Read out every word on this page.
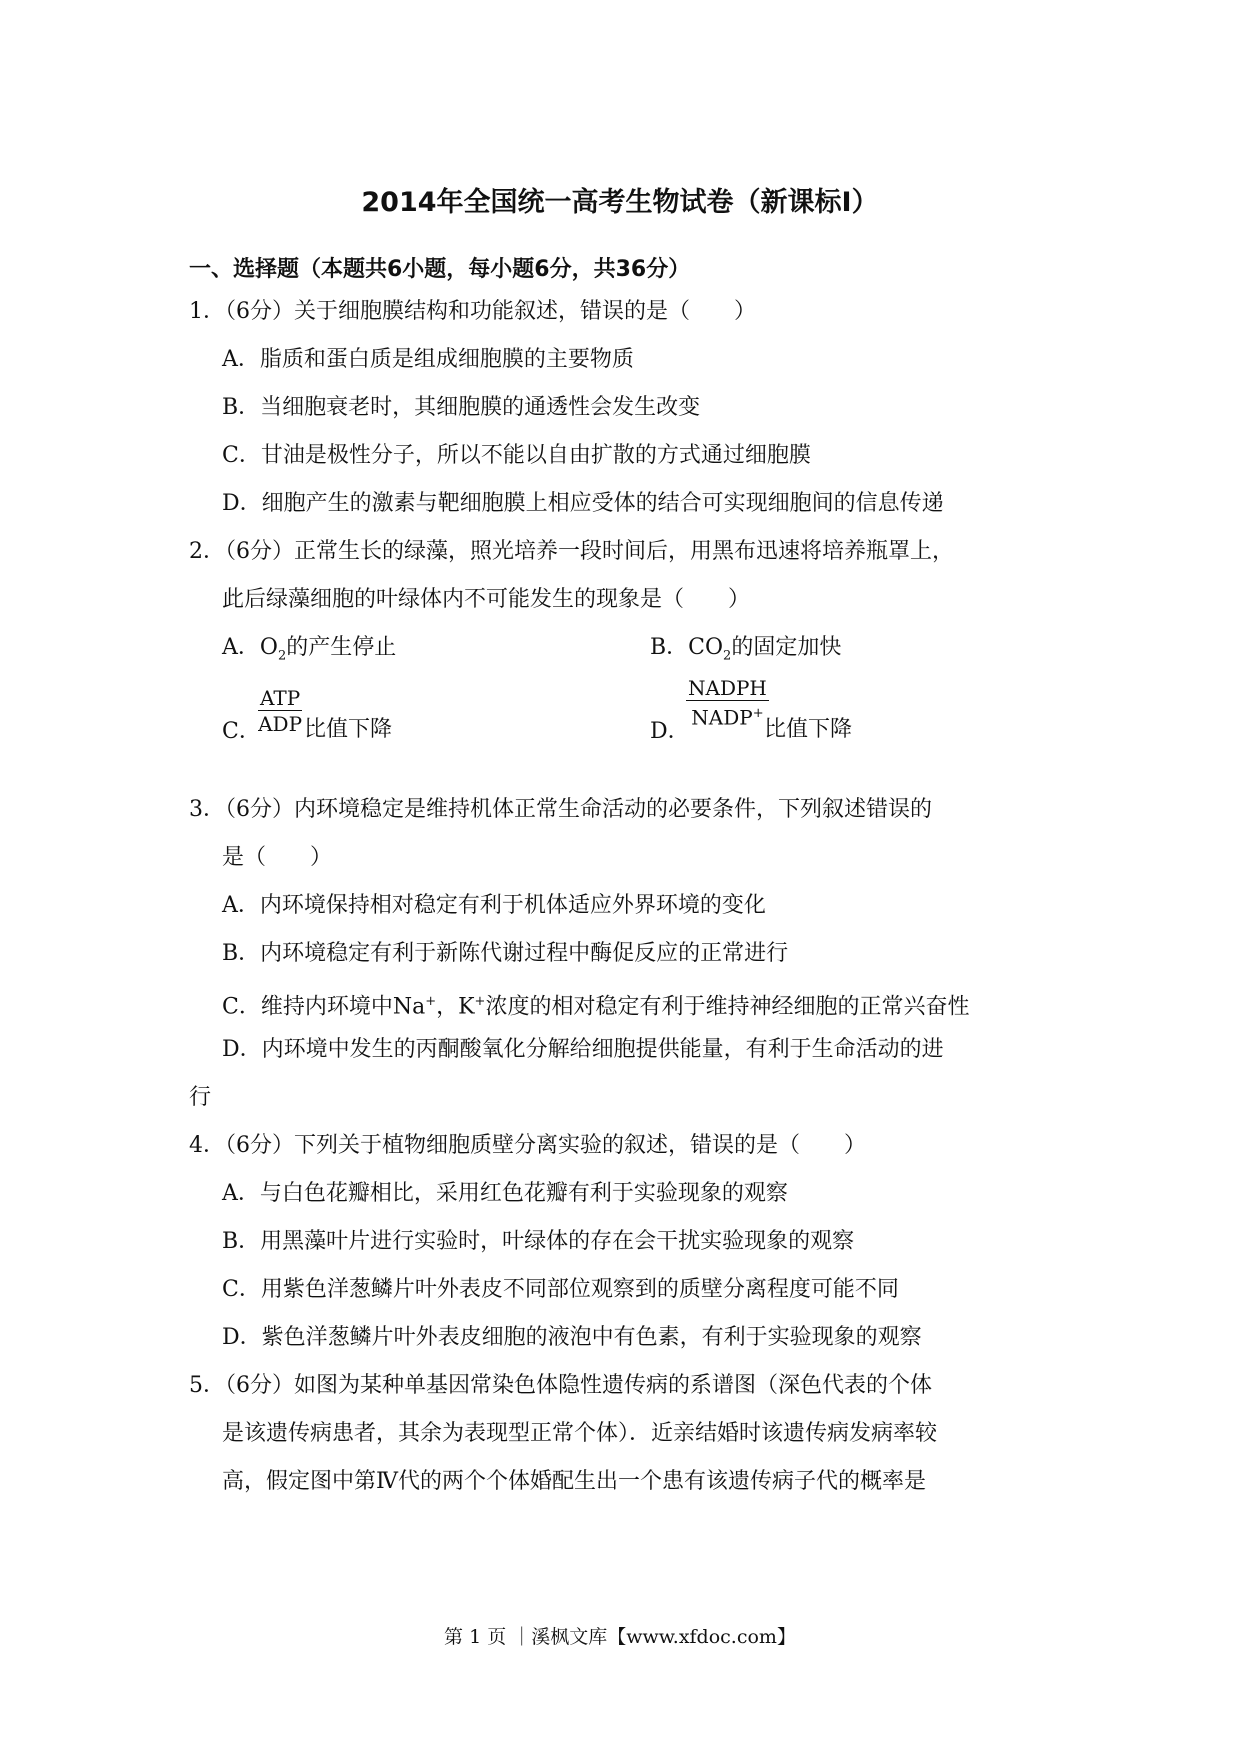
2014年全国统一高考生物试卷（新课标Ⅰ）
一、选择题（本题共6小题，每小题6分，共36分）
1．（6分）关于细胞膜结构和功能叙述，错误的是（　　）
A．脂质和蛋白质是组成细胞膜的主要物质
B．当细胞衰老时，其细胞膜的通透性会发生改变
C．甘油是极性分子，所以不能以自由扩散的方式通过细胞膜
D．细胞产生的激素与靶细胞膜上相应受体的结合可实现细胞间的信息传递
2．（6分）正常生长的绿藻，照光培养一段时间后，用黑布迅速将培养瓶罩上，
此后绿藻细胞的叶绿体内不可能发生的现象是（　　）
A．$O_2$的产生停止	B．$CO_2$的固定加快
C．
ATP
ADP 比值下降	D．
NADPH
NADP+
比值下降
3．（6分）内环境稳定是维持机体正常生命活动的必要条件，下列叙述错误的
是（　　）
A．内环境保持相对稳定有利于机体适应外界环境的变化
B．内环境稳定有利于新陈代谢过程中酶促反应的正常进行
C．维持内环境中Na+，K+浓度的相对稳定有利于维持神经细胞的正常兴奋性
D．内环境中发生的丙酮酸氧化分解给细胞提供能量，有利于生命活动的进
行
4．（6分）下列关于植物细胞质壁分离实验的叙述，错误的是（　　）
A．与白色花瓣相比，采用红色花瓣有利于实验现象的观察
B．用黑藻叶片进行实验时，叶绿体的存在会干扰实验现象的观察
C．用紫色洋葱鳞片叶外表皮不同部位观察到的质壁分离程度可能不同
D．紫色洋葱鳞片叶外表皮细胞的液泡中有色素，有利于实验现象的观察
5．（6分）如图为某种单基因常染色体隐性遗传病的系谱图（深色代表的个体
是该遗传病患者，其余为表现型正常个体）．近亲结婚时该遗传病发病率较
高，假定图中第Ⅳ代的两个个体婚配生出一个患有该遗传病子代的概率是
第 1 页 ｜溪枫文库【www.xfdoc.com】
